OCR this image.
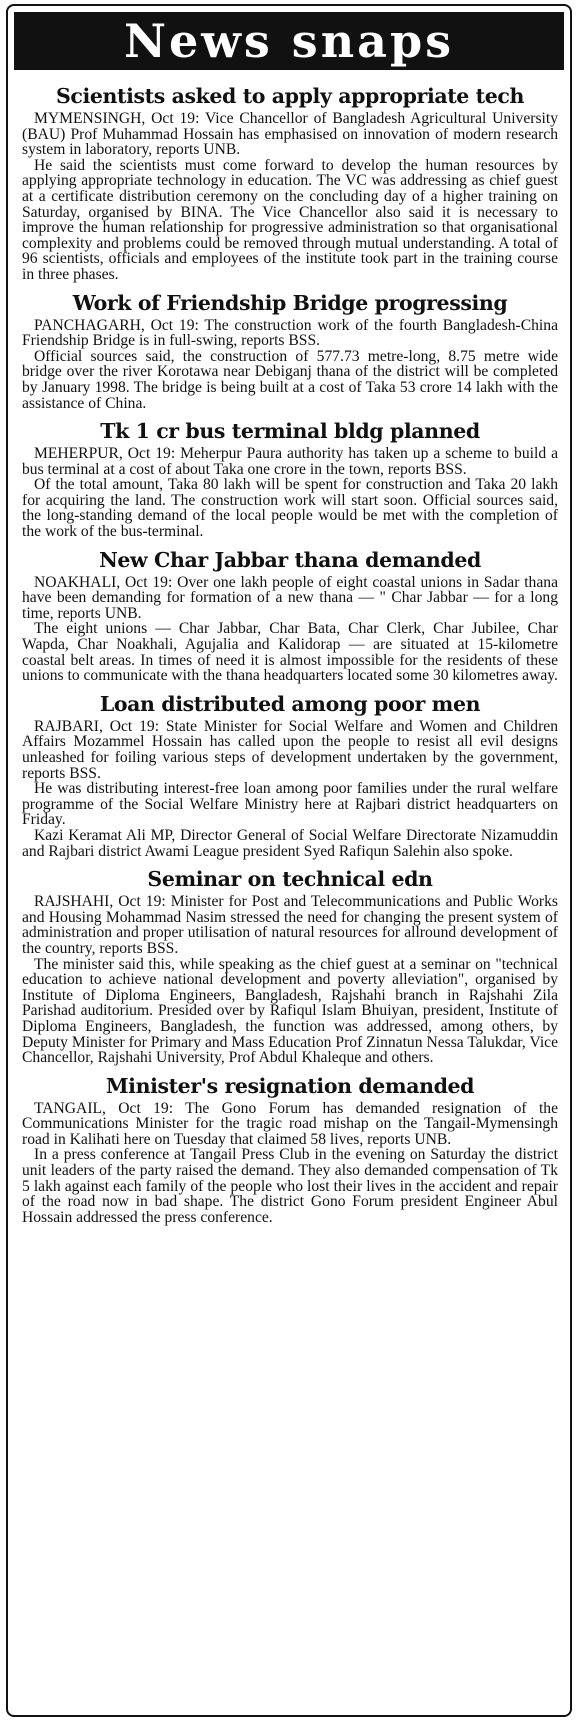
News snaps
Scientists asked to apply appropriate tech

MYMENSINGH, Oct 19: Vice Chancellor of Bangladesh Agricultural University (BAU) Prof Muhammad Hossain has emphasised on innovation of modern research system in laboratory, reports UNB.

He said the scientists must come forward to develop the human resources by applying appropriate technology in education. The VC was addressing as chief guest at a certificate distribution ceremony on the concluding day of a higher training on Saturday, organised by BINA. The Vice Chancellor also said it is necessary to improve the human relationship for progressive administration so that organisational complexity and problems could be removed through mutual understanding. A total of 96 scientists, officials and employees of the institute took part in the training course in three phases.

Work of Friendship Bridge progressing

PANCHAGARH, Oct 19: The construction work of the fourth Bangladesh-China Friendship Bridge is in full-swing, reports BSS.

Official sources said, the construction of 577.73 metre-long, 8.75 metre wide bridge over the river Korotawa near Debiganj thana of the district will be completed by January 1998. The bridge is being built at a cost of Taka 53 crore 14 lakh with the assistance of China.

Tk 1 cr bus terminal bldg planned

MEHERPUR, Oct 19: Meherpur Paura authority has taken up a scheme to build a bus terminal at a cost of about Taka one crore in the town, reports BSS.

Of the total amount, Taka 80 lakh will be spent for construction and Taka 20 lakh for acquiring the land. The construction work will start soon. Official sources said, the long-standing demand of the local people would be met with the completion of the work of the bus-terminal.

New Char Jabbar thana demanded

NOAKHALI, Oct 19: Over one lakh people of eight coastal unions in Sadar thana have been demanding for formation of a new thana — " Char Jabbar — for a long time, reports UNB.

The eight unions — Char Jabbar, Char Bata, Char Clerk, Char Jubilee, Char Wapda, Char Noakhali, Agujalia and Kalidorap — are situated at 15-kilometre coastal belt areas. In times of need it is almost impossible for the residents of these unions to communicate with the thana headquarters located some 30 kilometres away.

Loan distributed among poor men

RAJBARI, Oct 19: State Minister for Social Welfare and Women and Children Affairs Mozammel Hossain has called upon the people to resist all evil designs unleashed for foiling various steps of development undertaken by the government, reports BSS.

He was distributing interest-free loan among poor families under the rural welfare programme of the Social Welfare Ministry here at Rajbari district headquarters on Friday.

Kazi Keramat Ali MP, Director General of Social Welfare Directorate Nizamuddin and Rajbari district Awami League president Syed Rafiqun Salehin also spoke.

Seminar on technical edn

RAJSHAHI, Oct 19: Minister for Post and Telecommunications and Public Works and Housing Mohammad Nasim stressed the need for changing the present system of administration and proper utilisation of natural resources for allround development of the country, reports BSS.

The minister said this, while speaking as the chief guest at a seminar on "technical education to achieve national development and poverty alleviation", organised by Institute of Diploma Engineers, Bangladesh, Rajshahi branch in Rajshahi Zila Parishad auditorium. Presided over by Rafiqul Islam Bhuiyan, president, Institute of Diploma Engineers, Bangladesh, the function was addressed, among others, by Deputy Minister for Primary and Mass Education Prof Zinnatun Nessa Talukdar, Vice Chancellor, Rajshahi University, Prof Abdul Khaleque and others.

Minister's resignation demanded

TANGAIL, Oct 19: The Gono Forum has demanded resignation of the Communications Minister for the tragic road mishap on the Tangail-Mymensingh road in Kalihati here on Tuesday that claimed 58 lives, reports UNB.

In a press conference at Tangail Press Club in the evening on Saturday the district unit leaders of the party raised the demand. They also demanded compensation of Tk 5 lakh against each family of the people who lost their lives in the accident and repair of the road now in bad shape. The district Gono Forum president Engineer Abul Hossain addressed the press conference.
